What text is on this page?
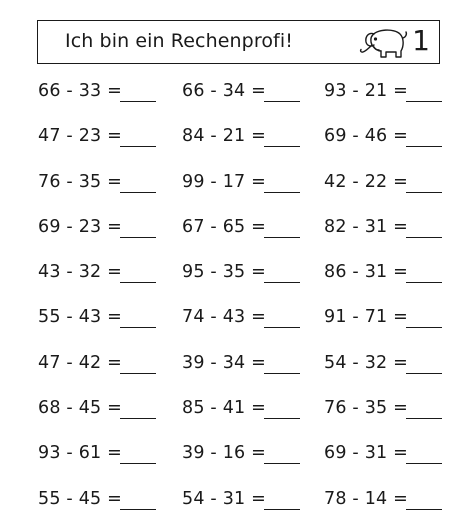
Ich bin ein Rechenprofi!	1
66 - 33 =	66 - 34 =	93 - 21 =
47 - 23 =	84 - 21 =	69 - 46 =
76 - 35 =	99 - 17 =	42 - 22 =
69 - 23 =	67 - 65 =	82 - 31 =
43 - 32 =	95 - 35 =	86 - 31 =
55 - 43 =	74 - 43 =	91 - 71 =
47 - 42 =	39 - 34 =	54 - 32 =
68 - 45 =	85 - 41 =	76 - 35 =
93 - 61 =	39 - 16 =	69 - 31 =
55 - 45 =	54 - 31 =	78 - 14 =
